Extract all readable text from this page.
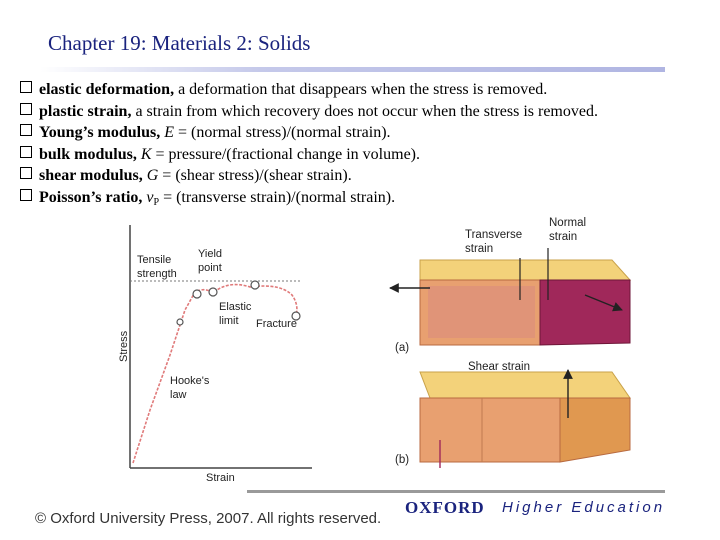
Chapter 19: Materials 2: Solids
elastic deformation, a deformation that disappears when the stress is removed.
plastic strain, a strain from which recovery does not occur when the stress is removed.
Young’s modulus, E = (normal stress)/(normal strain).
bulk modulus, K = pressure/(fractional change in volume).
shear modulus, G = (shear stress)/(shear strain).
Poisson’s ratio, $\nu_P$ = (transverse strain)/(normal strain).
Stress
Strain
Tensile
strength
Yield
point
Elastic
limit Fracture
Hooke's
law
Transverse
strain
Normal
strain
(a)
Shear strain
(b)
© Oxford University Press, 2007. All rights reserved.
OXFORD Higher Education
